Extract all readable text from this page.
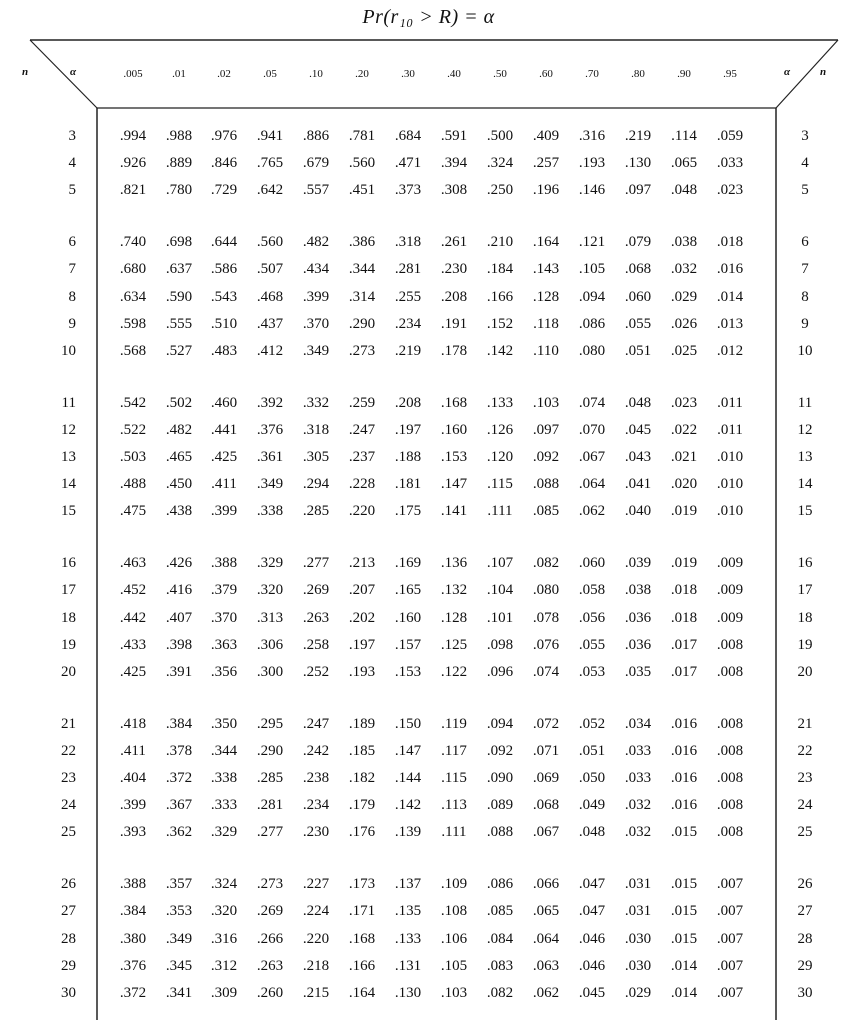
Pr(r₁₀ > R) = α
n	α	α	n
.005	.01	.02	.05	.10	.20	.30	.40	.50	.60	.70	.80	.90	.95
3	.994	.988	.976	.941	.886	.781	.684	.591	.500	.409	.316	.219	.114	.059	3
4	.926	.889	.846	.765	.679	.560	.471	.394	.324	.257	.193	.130	.065	.033	4
5	.821	.780	.729	.642	.557	.451	.373	.308	.250	.196	.146	.097	.048	.023	5
6	.740	.698	.644	.560	.482	.386	.318	.261	.210	.164	.121	.079	.038	.018	6
7	.680	.637	.586	.507	.434	.344	.281	.230	.184	.143	.105	.068	.032	.016	7
8	.634	.590	.543	.468	.399	.314	.255	.208	.166	.128	.094	.060	.029	.014	8
9	.598	.555	.510	.437	.370	.290	.234	.191	.152	.118	.086	.055	.026	.013	9
10	.568	.527	.483	.412	.349	.273	.219	.178	.142	.110	.080	.051	.025	.012	10
11	.542	.502	.460	.392	.332	.259	.208	.168	.133	.103	.074	.048	.023	.011	11
12	.522	.482	.441	.376	.318	.247	.197	.160	.126	.097	.070	.045	.022	.011	12
13	.503	.465	.425	.361	.305	.237	.188	.153	.120	.092	.067	.043	.021	.010	13
14	.488	.450	.411	.349	.294	.228	.181	.147	.115	.088	.064	.041	.020	.010	14
15	.475	.438	.399	.338	.285	.220	.175	.141	.111	.085	.062	.040	.019	.010	15
16	.463	.426	.388	.329	.277	.213	.169	.136	.107	.082	.060	.039	.019	.009	16
17	.452	.416	.379	.320	.269	.207	.165	.132	.104	.080	.058	.038	.018	.009	17
18	.442	.407	.370	.313	.263	.202	.160	.128	.101	.078	.056	.036	.018	.009	18
19	.433	.398	.363	.306	.258	.197	.157	.125	.098	.076	.055	.036	.017	.008	19
20	.425	.391	.356	.300	.252	.193	.153	.122	.096	.074	.053	.035	.017	.008	20
21	.418	.384	.350	.295	.247	.189	.150	.119	.094	.072	.052	.034	.016	.008	21
22	.411	.378	.344	.290	.242	.185	.147	.117	.092	.071	.051	.033	.016	.008	22
23	.404	.372	.338	.285	.238	.182	.144	.115	.090	.069	.050	.033	.016	.008	23
24	.399	.367	.333	.281	.234	.179	.142	.113	.089	.068	.049	.032	.016	.008	24
25	.393	.362	.329	.277	.230	.176	.139	.111	.088	.067	.048	.032	.015	.008	25
26	.388	.357	.324	.273	.227	.173	.137	.109	.086	.066	.047	.031	.015	.007	26
27	.384	.353	.320	.269	.224	.171	.135	.108	.085	.065	.047	.031	.015	.007	27
28	.380	.349	.316	.266	.220	.168	.133	.106	.084	.064	.046	.030	.015	.007	28
29	.376	.345	.312	.263	.218	.166	.131	.105	.083	.063	.046	.030	.014	.007	29
30	.372	.341	.309	.260	.215	.164	.130	.103	.082	.062	.045	.029	.014	.007	30
